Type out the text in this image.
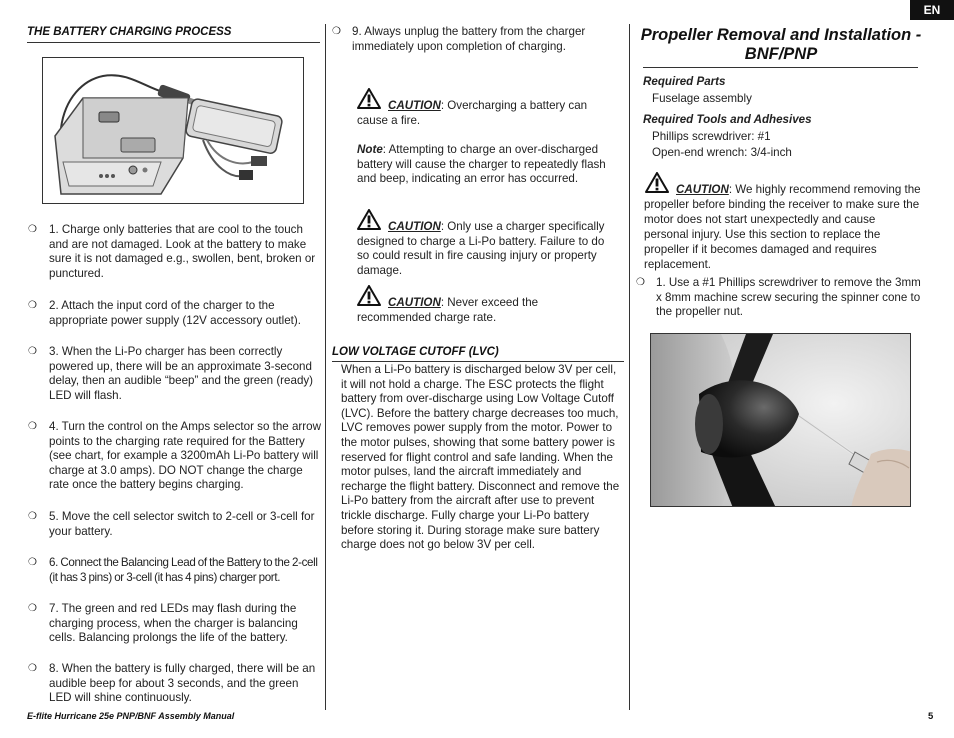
EN
THE BATTERY CHARGING PROCESS
❍ 1. Charge only batteries that are cool to the touch and are not damaged. Look at the battery to make sure it is not damaged e.g., swollen, bent, broken or punctured.
❍ 2. Attach the input cord of the charger to the appropriate power supply (12V accessory outlet).
❍ 3. When the Li-Po charger has been correctly powered up, there will be an approximate 3-second delay, then an audible “beep” and the green (ready) LED will flash.
❍ 4. Turn the control on the Amps selector so the arrow points to the charging rate required for the Battery (see chart, for example a 3200mAh Li-Po battery will charge at 3.0 amps). DO NOT change the charge rate once the battery begins charging.
❍ 5. Move the cell selector switch to 2-cell or 3-cell for your battery.
❍ 6. Connect the Balancing Lead of the Battery to the 2-cell (it has 3 pins) or 3-cell (it has 4 pins) charger port.
❍ 7. The green and red LEDs may flash during the charging process, when the charger is balancing cells. Balancing prolongs the life of the battery.
❍ 8. When the battery is fully charged, there will be an audible beep for about 3 seconds, and the green LED will shine continuously.
❍ 9. Always unplug the battery from the charger immediately upon completion of charging.
CAUTION: Overcharging a battery can cause a fire.
Note: Attempting to charge an over-discharged battery will cause the charger to repeatedly flash and beep, indicating an error has occurred.
CAUTION: Only use a charger specifically designed to charge a Li-Po battery. Failure to do so could result in fire causing injury or property damage.
CAUTION: Never exceed the recommended charge rate.
LOW VOLTAGE CUTOFF (LVC)
When a Li-Po battery is discharged below 3V per cell, it will not hold a charge. The ESC protects the flight battery from over-discharge using Low Voltage Cutoff (LVC). Before the battery charge decreases too much, LVC removes power supply from the motor. Power to the motor pulses, showing that some battery power is reserved for flight control and safe landing. When the motor pulses, land the aircraft immediately and recharge the flight battery. Disconnect and remove the Li-Po battery from the aircraft after use to prevent trickle discharge. Fully charge your Li-Po battery before storing it. During storage make sure battery charge does not go below 3V per cell.
Propeller Removal and Installation -
BNF/PNP
Required Parts
Fuselage assembly
Required Tools and Adhesives
Phillips screwdriver: #1
Open-end wrench: 3/4-inch
CAUTION: We highly recommend removing the propeller before binding the receiver to make sure the motor does not start unexpectedly and cause personal injury. Use this section to replace the propeller if it becomes damaged and requires replacement.
❍ 1. Use a #1 Phillips screwdriver to remove the 3mm x 8mm machine screw securing the spinner cone to the propeller nut.
E-flite Hurricane 25e PNP/BNF Assembly Manual	5
